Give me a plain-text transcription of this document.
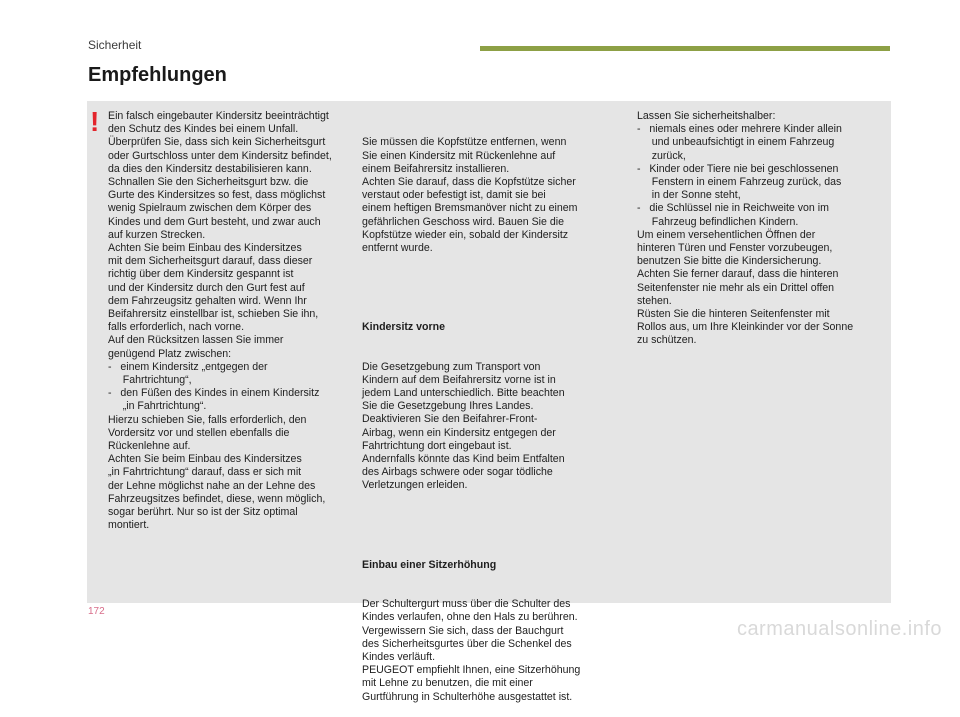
Sicherheit
Empfehlungen
! Ein falsch eingebauter Kindersitz beeinträchtigt
den Schutz des Kindes bei einem Unfall.
Überprüfen Sie, dass sich kein Sicherheitsgurt
oder Gurtschloss unter dem Kindersitz befindet,
da dies den Kindersitz destabilisieren kann.
Schnallen Sie den Sicherheitsgurt bzw. die
Gurte des Kindersitzes so fest, dass möglichst
wenig Spielraum zwischen dem Körper des
Kindes und dem Gurt besteht, und zwar auch
auf kurzen Strecken.
Achten Sie beim Einbau des Kindersitzes
mit dem Sicherheitsgurt darauf, dass dieser
richtig über dem Kindersitz gespannt ist
und der Kindersitz durch den Gurt fest auf
dem Fahrzeugsitz gehalten wird. Wenn Ihr
Beifahrersitz einstellbar ist, schieben Sie ihn,
falls erforderlich, nach vorne.
Auf den Rücksitzen lassen Sie immer
genügend Platz zwischen:
-   einem Kindersitz „entgegen der
Fahrtrichtung“,
-   den Füßen des Kindes in einem Kindersitz
„in Fahrtrichtung“.
Hierzu schieben Sie, falls erforderlich, den
Vordersitz vor und stellen ebenfalls die
Rückenlehne auf.
Achten Sie beim Einbau des Kindersitzes
„in Fahrtrichtung“ darauf, dass er sich mit
der Lehne möglichst nahe an der Lehne des
Fahrzeugsitzes befindet, diese, wenn möglich,
sogar berührt. Nur so ist der Sitz optimal
montiert.

Sie müssen die Kopfstütze entfernen, wenn
Sie einen Kindersitz mit Rückenlehne auf
einem Beifahrersitz installieren.
Achten Sie darauf, dass die Kopfstütze sicher
verstaut oder befestigt ist, damit sie bei
einem heftigen Bremsmanöver nicht zu einem
gefährlichen Geschoss wird. Bauen Sie die
Kopfstütze wieder ein, sobald der Kindersitz
entfernt wurde.

Kindersitz vorne

Die Gesetzgebung zum Transport von
Kindern auf dem Beifahrersitz vorne ist in
jedem Land unterschiedlich. Bitte beachten
Sie die Gesetzgebung Ihres Landes.
Deaktivieren Sie den Beifahrer-Front-
Airbag, wenn ein Kindersitz entgegen der
Fahrtrichtung dort eingebaut ist.
Andernfalls könnte das Kind beim Entfalten
des Airbags schwere oder sogar tödliche
Verletzungen erleiden.

Einbau einer Sitzerhöhung

Der Schultergurt muss über die Schulter des
Kindes verlaufen, ohne den Hals zu berühren.
Vergewissern Sie sich, dass der Bauchgurt
des Sicherheitsgurtes über die Schenkel des
Kindes verläuft.
PEUGEOT empfiehlt Ihnen, eine Sitzerhöhung
mit Lehne zu benutzen, die mit einer
Gurtführung in Schulterhöhe ausgestattet ist.

Lassen Sie sicherheitshalber:
-   niemals eines oder mehrere Kinder allein
und unbeaufsichtigt in einem Fahrzeug
zurück,
-   Kinder oder Tiere nie bei geschlossenen
Fenstern in einem Fahrzeug zurück, das
in der Sonne steht,
-   die Schlüssel nie in Reichweite von im
Fahrzeug befindlichen Kindern.
Um einem versehentlichen Öffnen der
hinteren Türen und Fenster vorzubeugen,
benutzen Sie bitte die Kindersicherung.
Achten Sie ferner darauf, dass die hinteren
Seitenfenster nie mehr als ein Drittel offen
stehen.
Rüsten Sie die hinteren Seitenfenster mit
Rollos aus, um Ihre Kleinkinder vor der Sonne
zu schützen.
172
carmanualsonline.info
